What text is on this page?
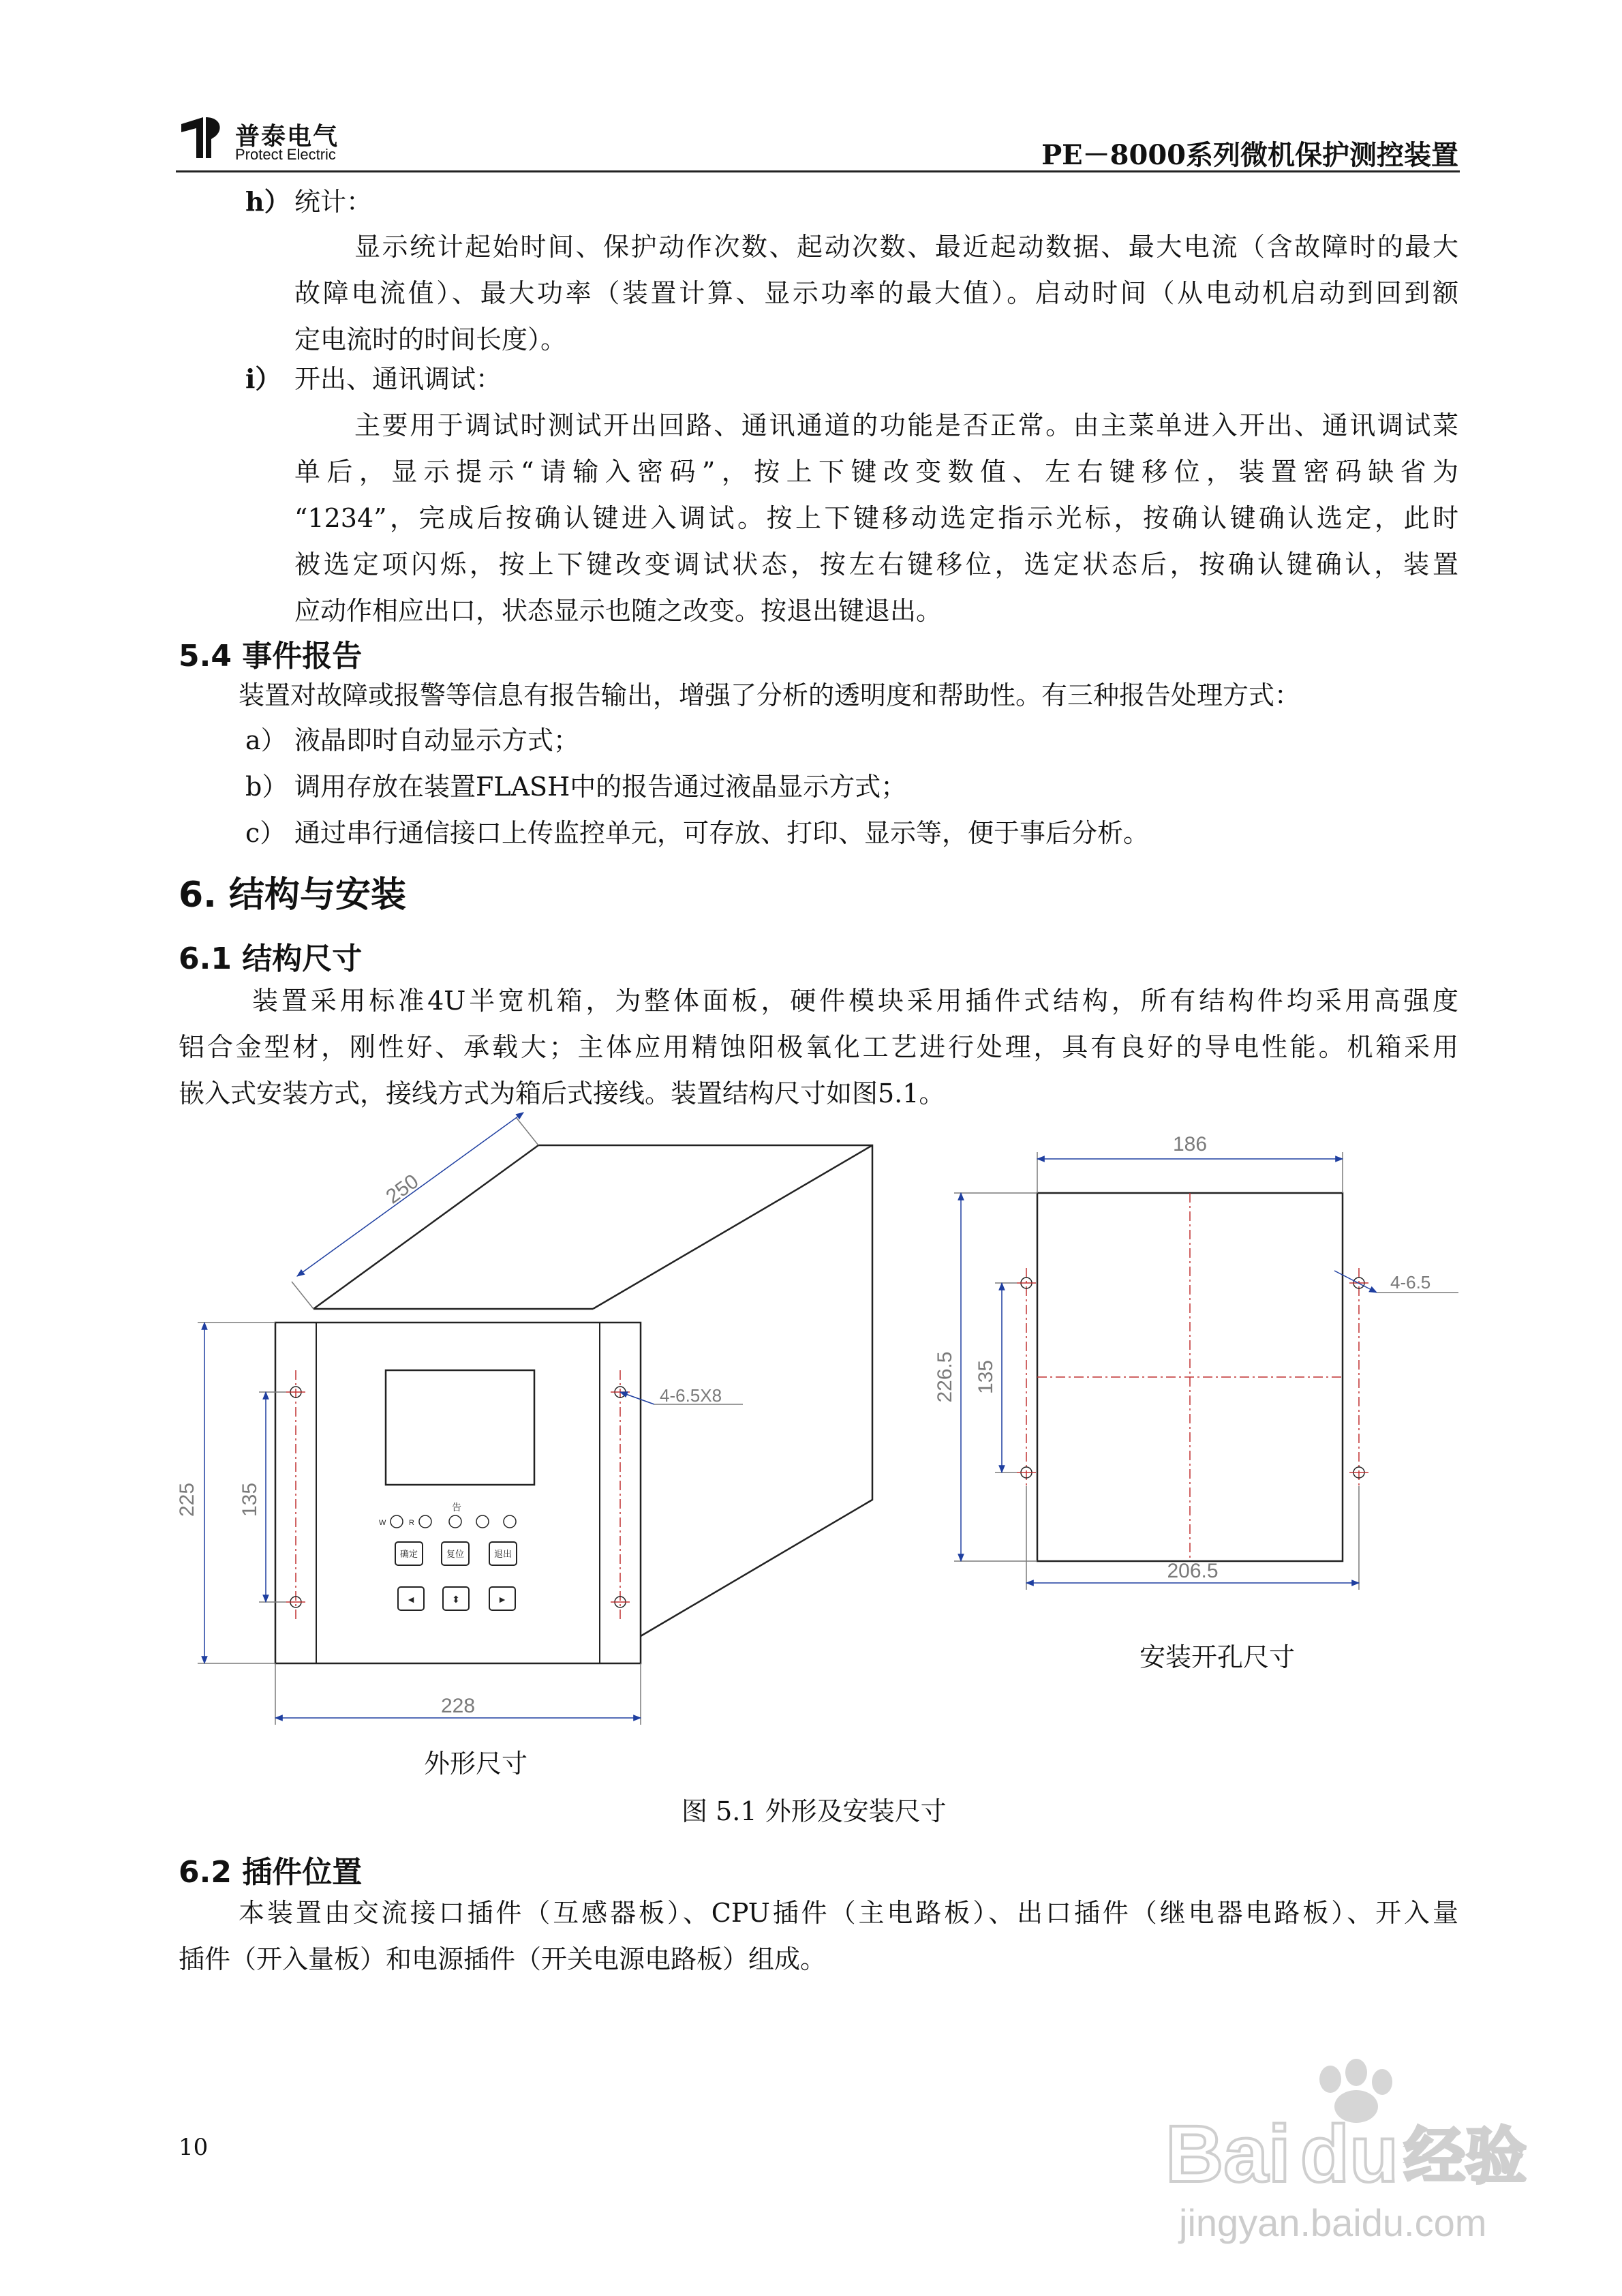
普泰电气
Protect Electric	PE－8000系列微机保护测控装置
h） 统计：
显示统计起始时间、保护动作次数、起动次数、最近起动数据、最大电流（含故障时的最大
故障电流值）、最大功率（装置计算、显示功率的最大值）。启动时间（从电动机启动到回到额
定电流时的时间长度）。
i） 开出、通讯调试：
主要用于调试时测试开出回路、通讯通道的功能是否正常。由主菜单进入开出、通讯调试菜
单后，显示提示“请输入密码”，按上下键改变数值、左右键移位，装置密码缺省为
“1234”，完成后按确认键进入调试。按上下键移动选定指示光标，按确认键确认选定，此时
被选定项闪烁，按上下键改变调试状态，按左右键移位，选定状态后，按确认键确认，装置
应动作相应出口，状态显示也随之改变。按退出键退出。
5.4 事件报告
装置对故障或报警等信息有报告输出，增强了分析的透明度和帮助性。有三种报告处理方式：
a） 液晶即时自动显示方式；
b） 调用存放在装置FLASH中的报告通过液晶显示方式；
c） 通过串行通信接口上传监控单元，可存放、打印、显示等，便于事后分析。
6. 结构与安装
6.1 结构尺寸
装置采用标准4U半宽机箱，为整体面板，硬件模块采用插件式结构，所有结构件均采用高强度
铝合金型材，刚性好、承载大；主体应用精蚀阳极氧化工艺进行处理，具有良好的导电性能。机箱采用
嵌入式安装方式，接线方式为箱后式接线。装置结构尺寸如图5.1。
告
W	R
确定	复位	退出
◄	⬍	►
250
225 135
228
4-6.5X8
186
226.5 135
206.5
4-6.5
安装开孔尺寸
外形尺寸
图 5.1 外形及安装尺寸
6.2 插件位置
本装置由交流接口插件（互感器板）、CPU插件（主电路板）、出口插件（继电器电路板）、开入量
插件（开入量板）和电源插件（开关电源电路板）组成。
10	Bai du 经验
jingyan.baidu.com
